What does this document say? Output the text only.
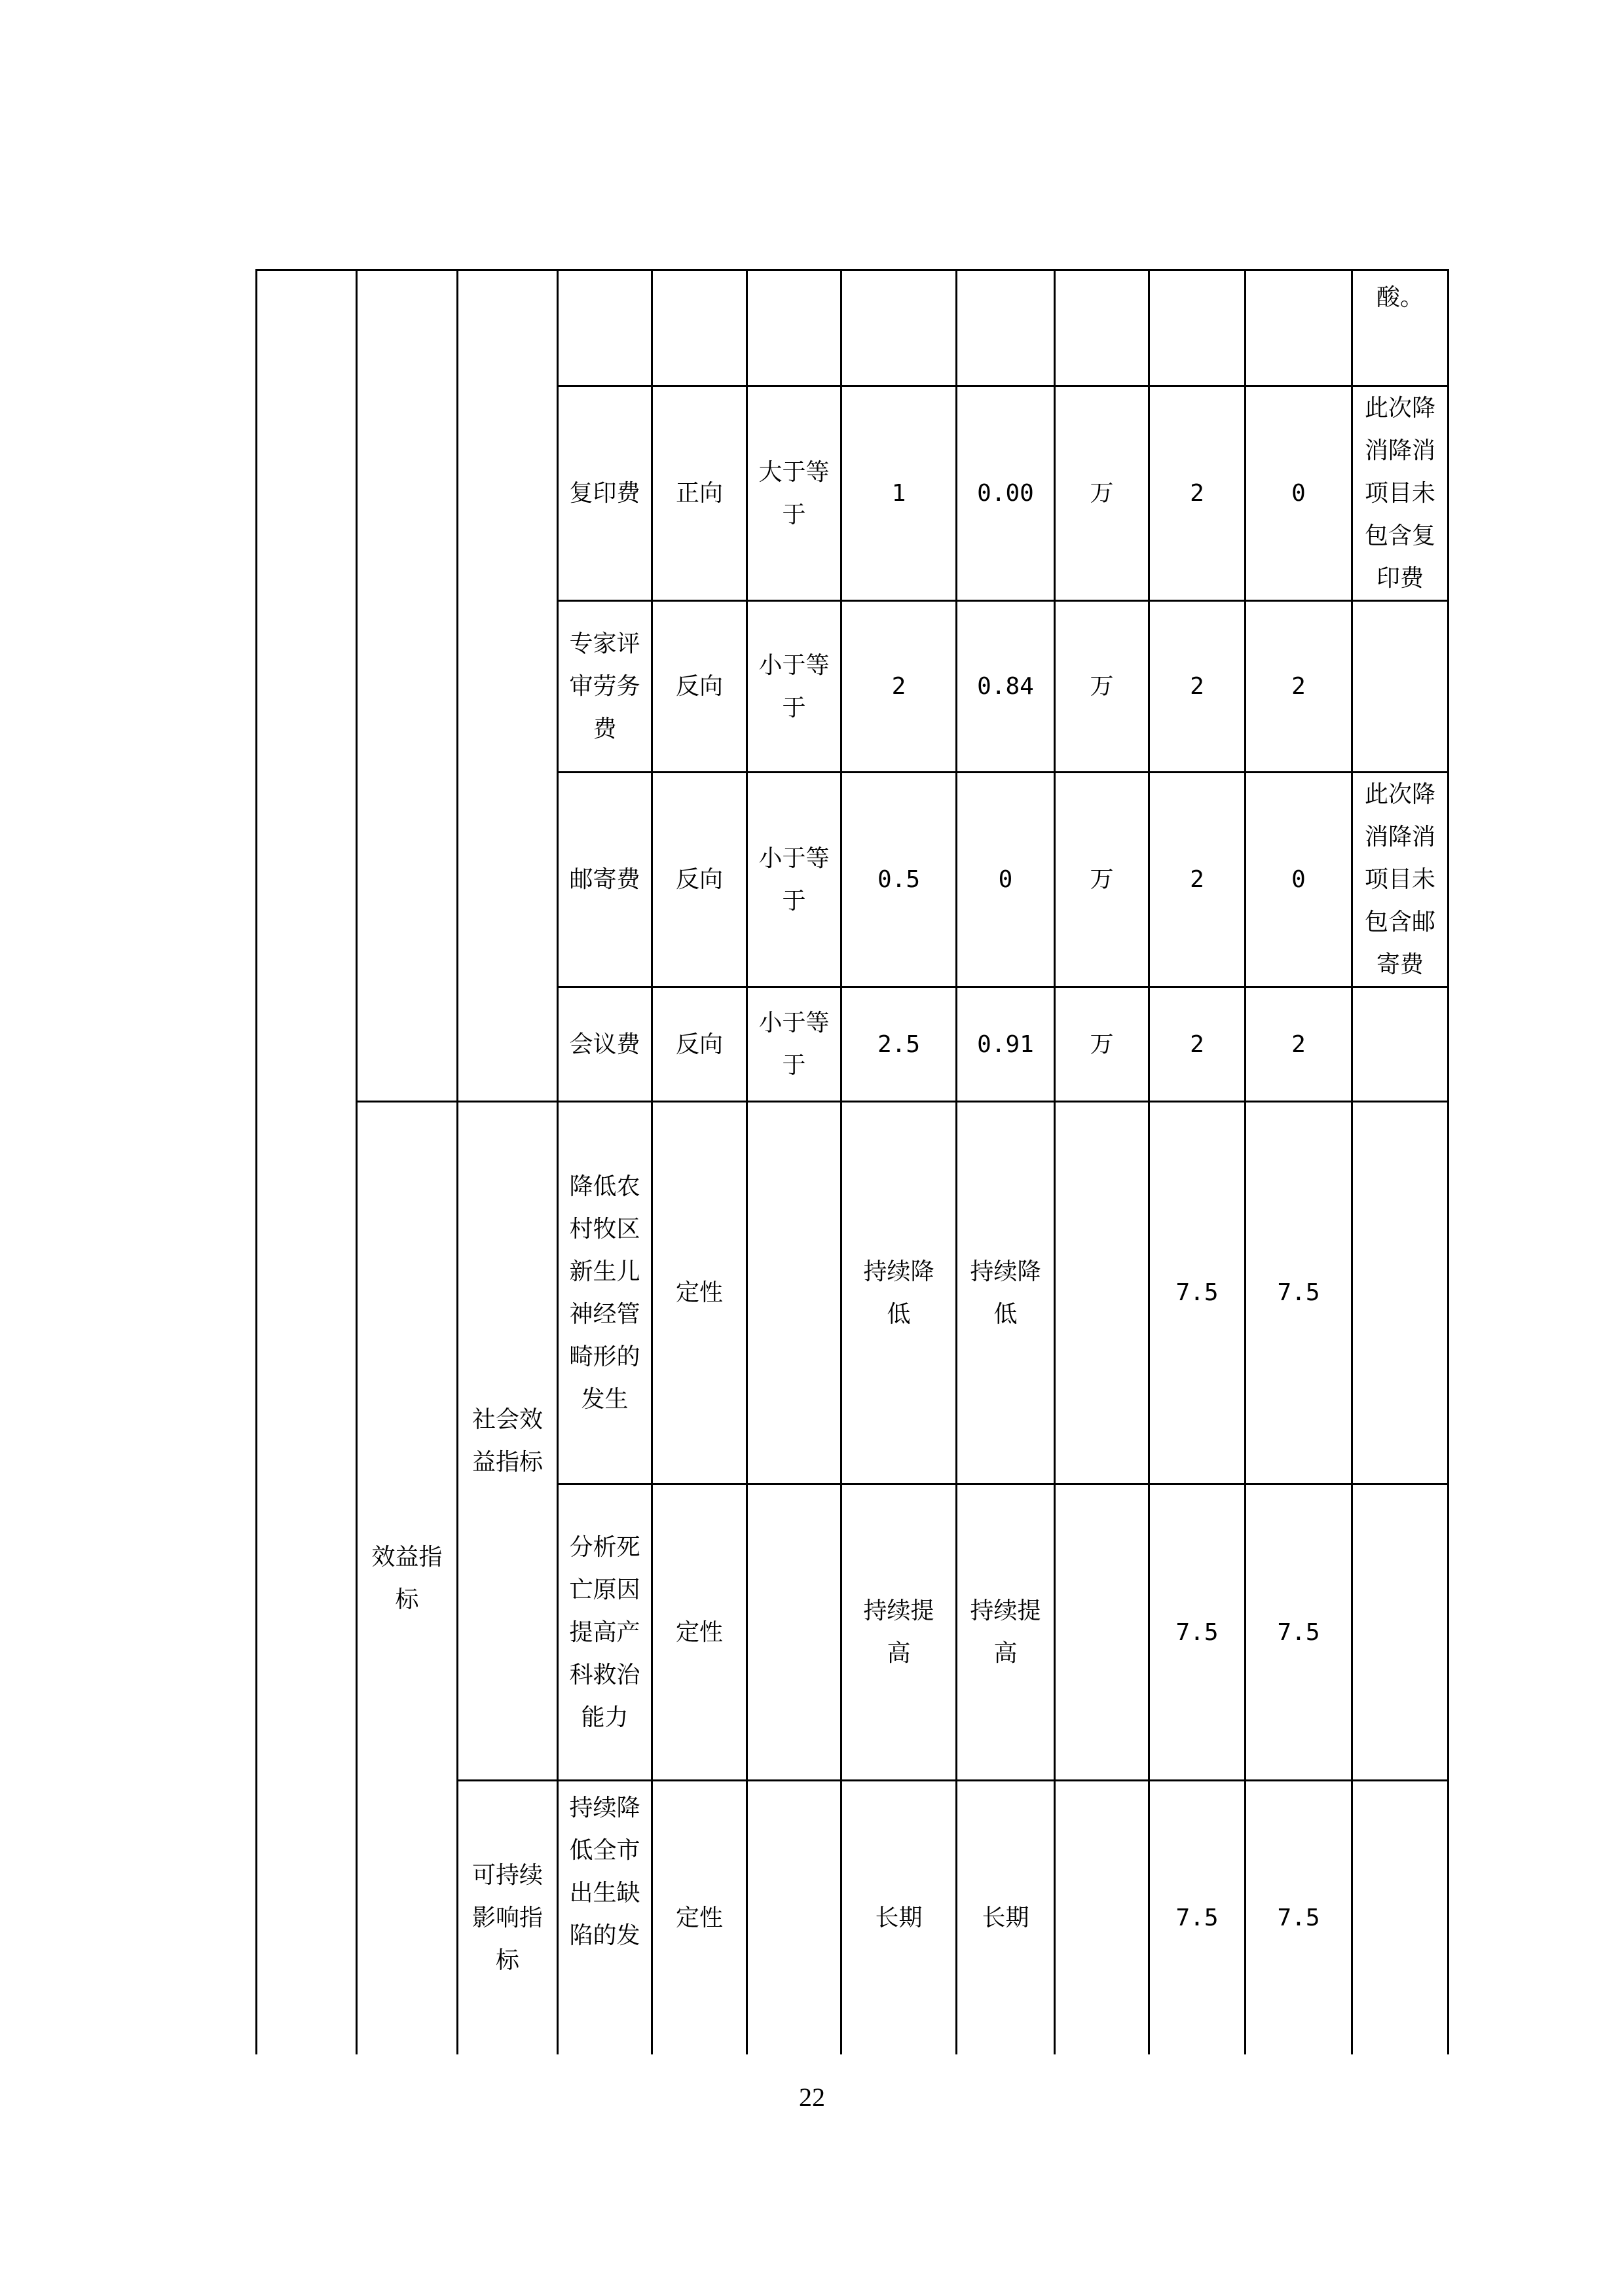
											酸。
			复印费	正向	大于等于	1	0.00	万	2	0	此次降消降消项目未包含复印费
			专家评审劳务费	反向	小于等于	2	0.84	万	2	2	
			邮寄费	反向	小于等于	0.5	0	万	2	0	此次降消降消项目未包含邮寄费
			会议费	反向	小于等于	2.5	0.91	万	2	2	
	效益指标	社会效益指标	降低农村牧区新生儿神经管畸形的发生	定性		持续降低	持续降低		7.5	7.5	
			分析死亡原因提高产科救治能力	定性		持续提高	持续提高		7.5	7.5	
		可持续影响指标	持续降低全市出生缺陷的发	定性		长期	长期		7.5	7.5	
22
